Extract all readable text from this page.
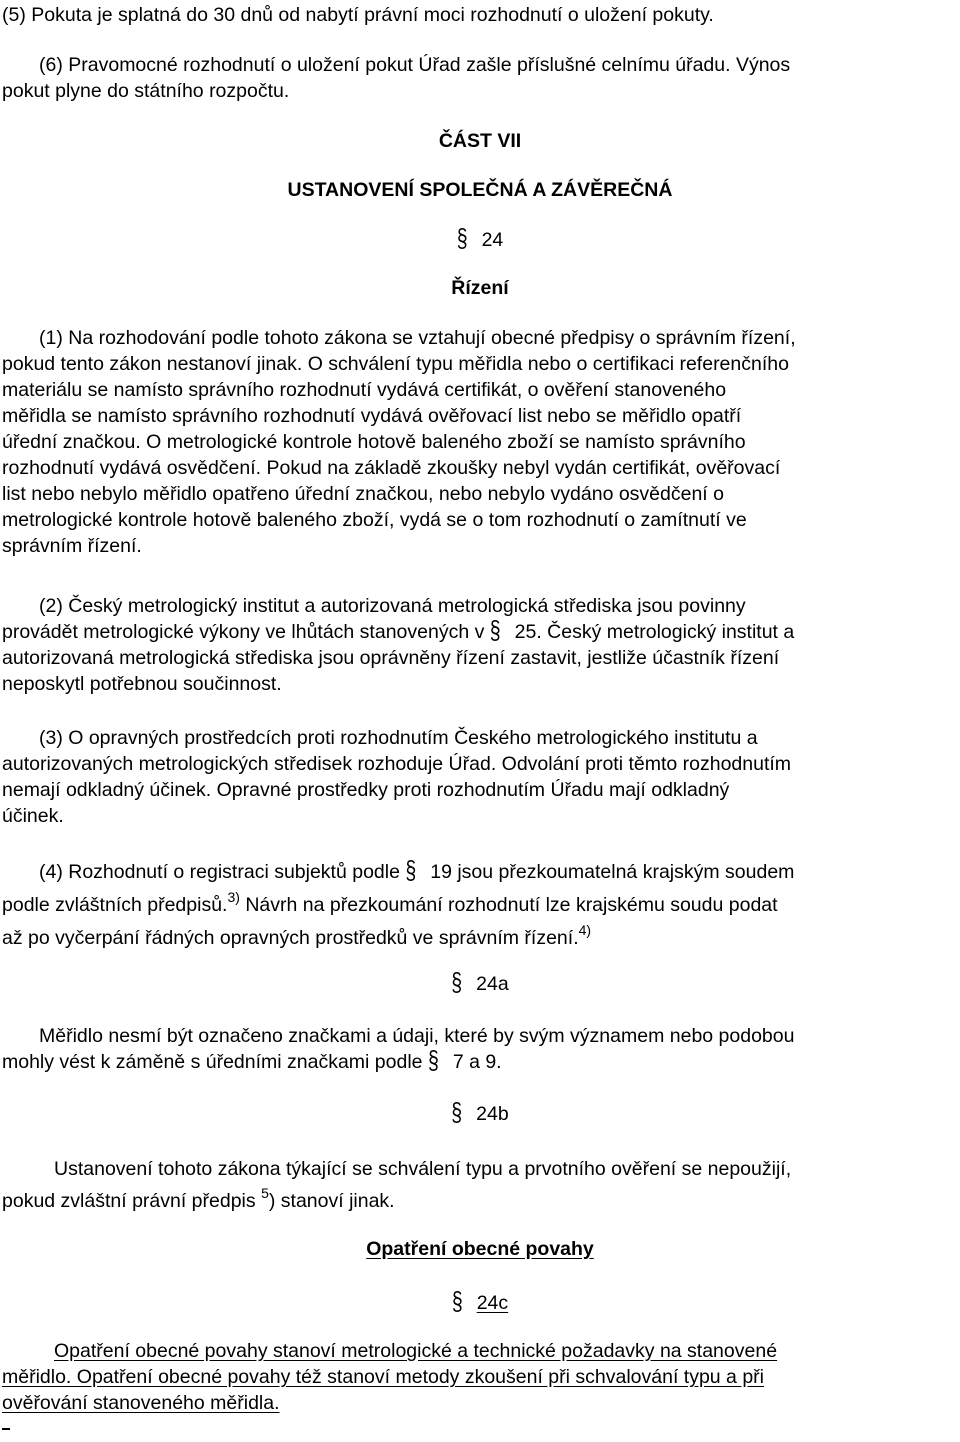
(5) Pokuta je splatná do 30 dnů od nabytí právní moci rozhodnutí o uložení pokuty.

(6) Pravomocné rozhodnutí o uložení pokut Úřad zašle příslušné celnímu úřadu. Výnos
pokut plyne do státního rozpočtu.

ČÁST VII

USTANOVENÍ SPOLEČNÁ A ZÁVĚREČNÁ

§ 24

Řízení

(1) Na rozhodování podle tohoto zákona se vztahují obecné předpisy o správním řízení,
pokud tento zákon nestanoví jinak. O schválení typu měřidla nebo o certifikaci referenčního
materiálu se namísto správního rozhodnutí vydává certifikát, o ověření stanoveného
měřidla se namísto správního rozhodnutí vydává ověřovací list nebo se měřidlo opatří
úřední značkou. O metrologické kontrole hotově baleného zboží se namísto správního
rozhodnutí vydává osvědčení. Pokud na základě zkoušky nebyl vydán certifikát, ověřovací
list nebo nebylo měřidlo opatřeno úřední značkou, nebo nebylo vydáno osvědčení o
metrologické kontrole hotově baleného zboží, vydá se o tom rozhodnutí o zamítnutí ve
správním řízení.

(2) Český metrologický institut a autorizovaná metrologická střediska jsou povinny
provádět metrologické výkony ve lhůtách stanovených v § 25. Český metrologický institut a
autorizovaná metrologická střediska jsou oprávněny řízení zastavit, jestliže účastník řízení
neposkytl potřebnou součinnost.

(3) O opravných prostředcích proti rozhodnutím Českého metrologického institutu a
autorizovaných metrologických středisek rozhoduje Úřad. Odvolání proti těmto rozhodnutím
nemají odkladný účinek. Opravné prostředky proti rozhodnutím Úřadu mají odkladný
účinek.

(4) Rozhodnutí o registraci subjektů podle § 19 jsou přezkoumatelná krajským soudem
podle zvláštních předpisů.$^{3)}$ Návrh na přezkoumání rozhodnutí lze krajskému soudu podat
až po vyčerpání řádných opravných prostředků ve správním řízení.$^{4)}$

§ 24a

Měřidlo nesmí být označeno značkami a údaji, které by svým významem nebo podobou
mohly vést k záměně s úředními značkami podle § 7 a 9.

§ 24b

Ustanovení tohoto zákona týkající se schválení typu a prvotního ověření se nepoužijí,
pokud zvláštní právní předpis $^5$) stanoví jinak.

Opatření obecné povahy

§ 24c

Opatření obecné povahy stanoví metrologické a technické požadavky na stanovené
měřidlo. Opatření obecné povahy též stanoví metody zkoušení při schvalování typu a při
ověřování stanoveného měřidla.
